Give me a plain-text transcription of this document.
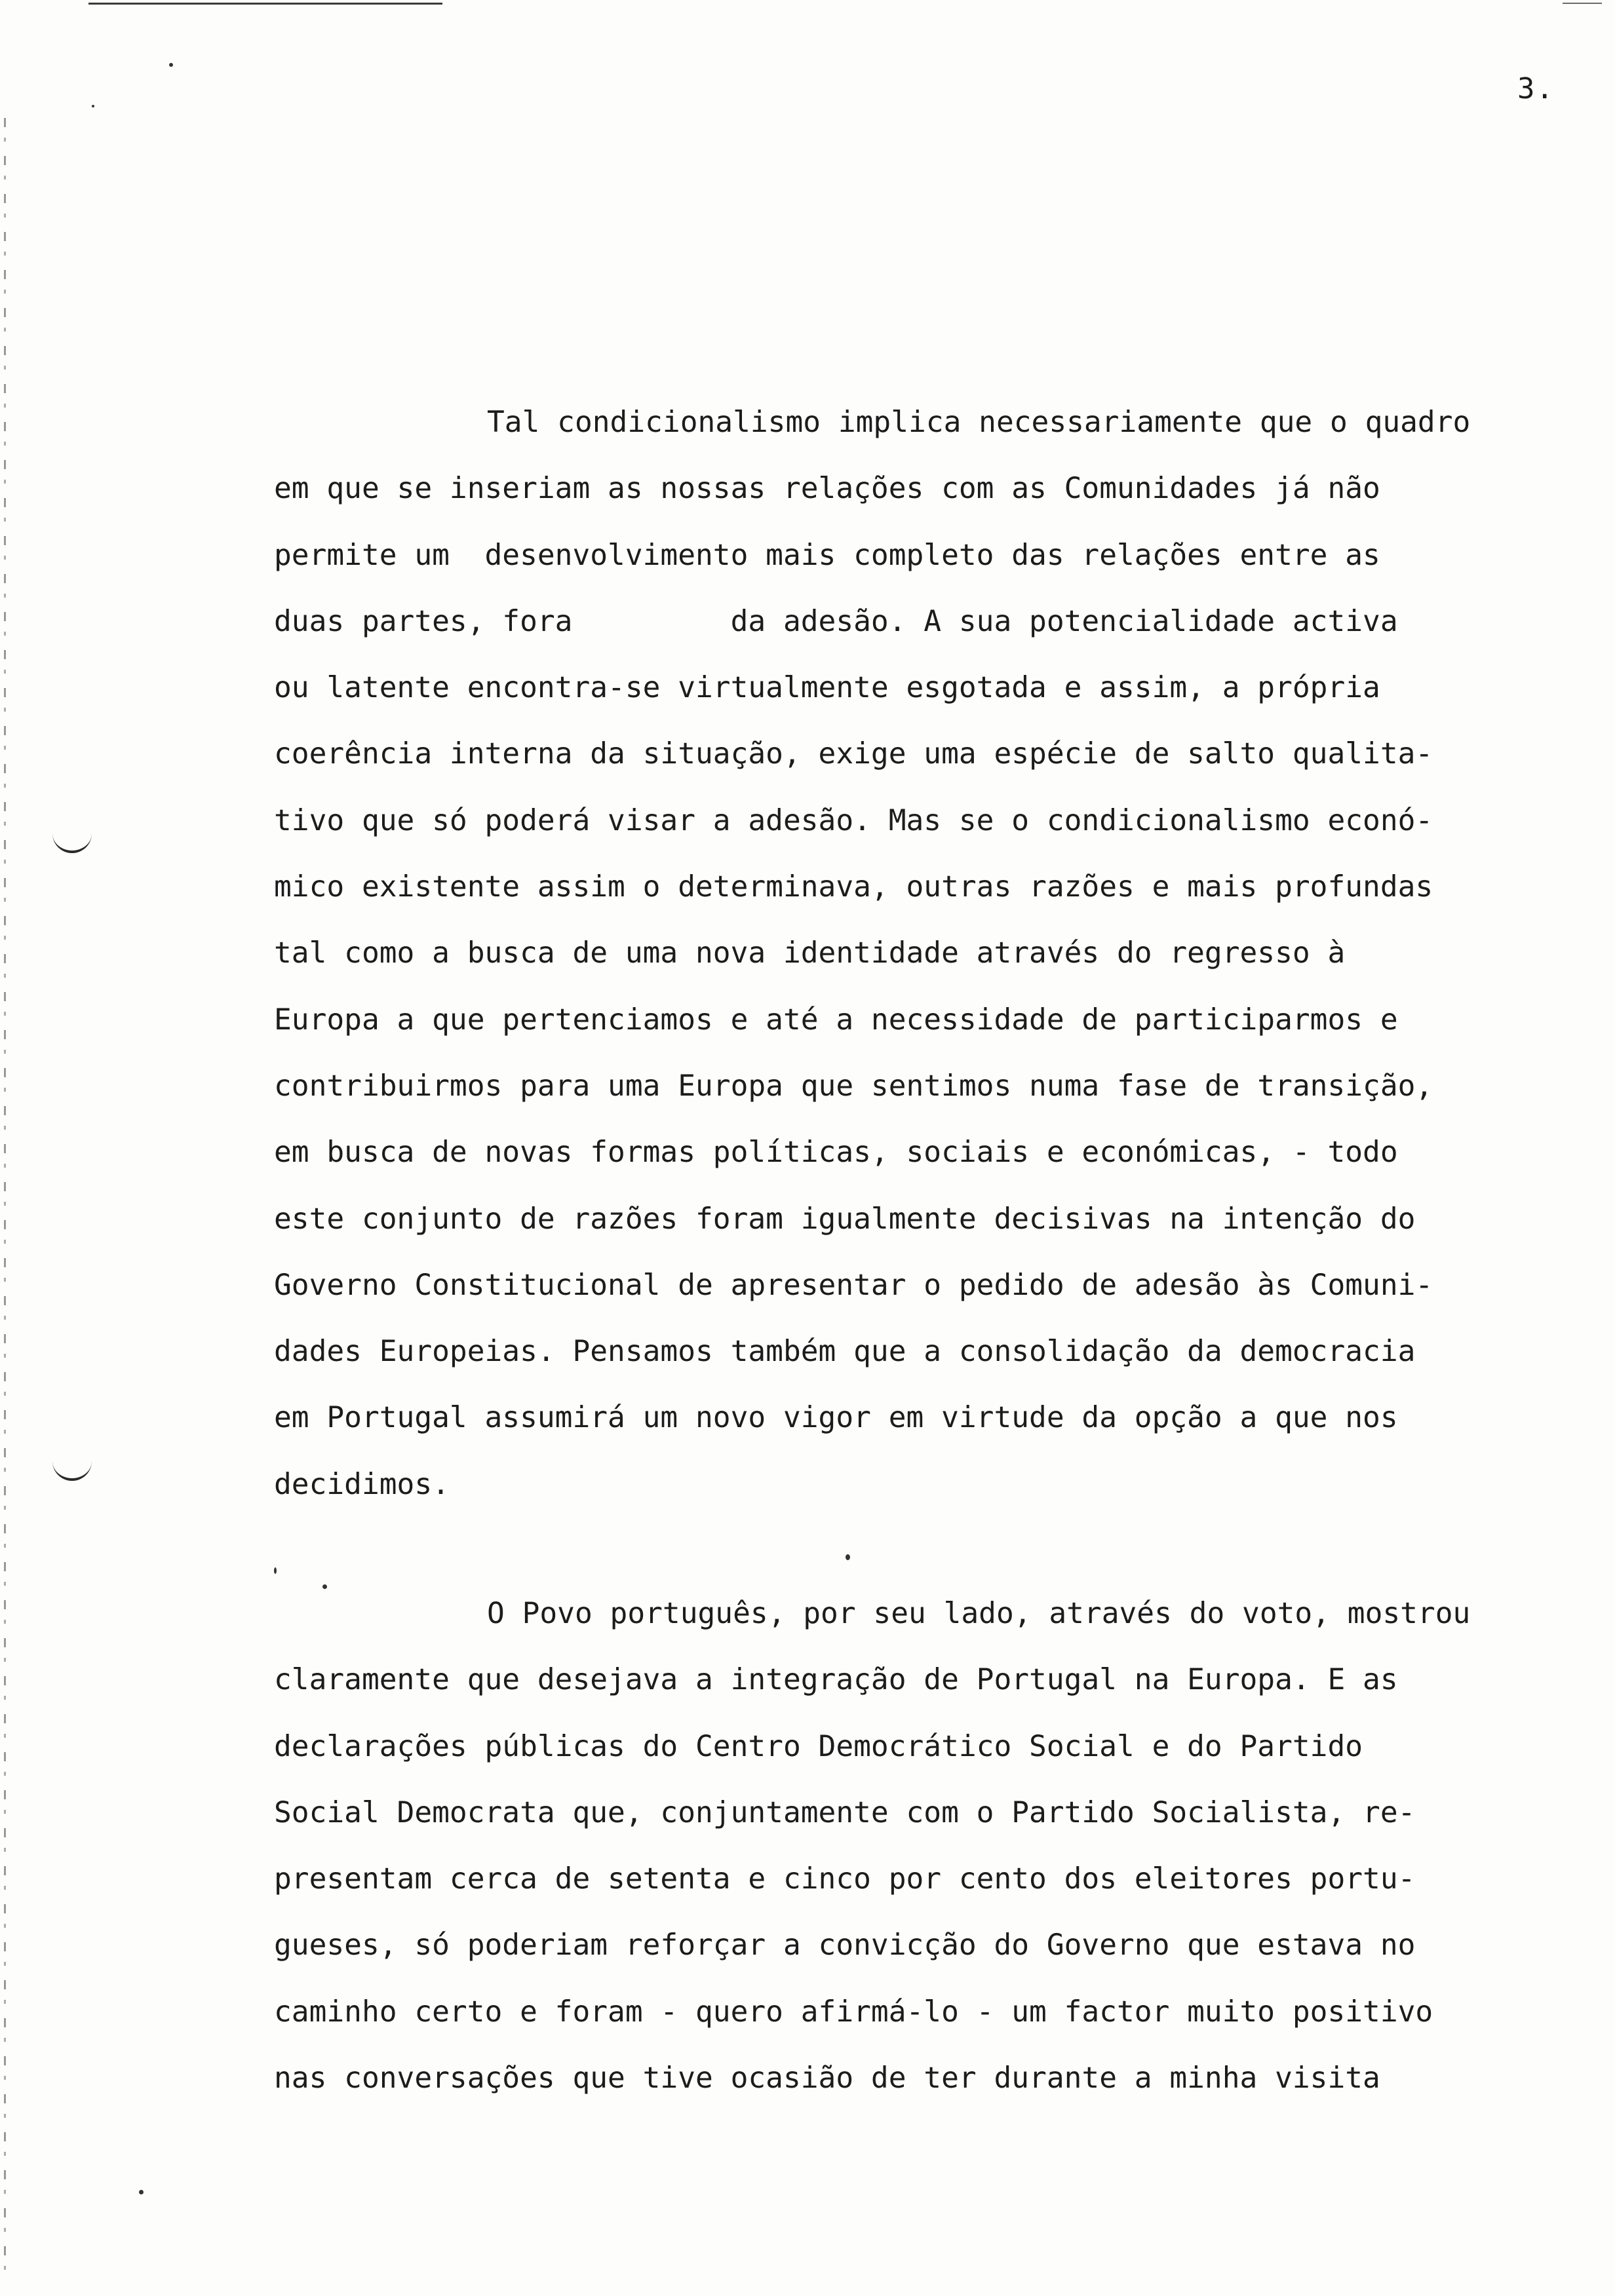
3.
Tal condicionalismo implica necessariamente que o quadro
em que se inseriam as nossas relações com as Comunidades já não
permite um  desenvolvimento mais completo das relações entre as
duas partes, fora         da adesão. A sua potencialidade activa
ou latente encontra-se virtualmente esgotada e assim, a própria
coerência interna da situação, exige uma espécie de salto qualita-
tivo que só poderá visar a adesão. Mas se o condicionalismo econó-
mico existente assim o determinava, outras razões e mais profundas
tal como a busca de uma nova identidade através do regresso à
Europa a que pertenciamos e até a necessidade de participarmos e
contribuirmos para uma Europa que sentimos numa fase de transição,
em busca de novas formas políticas, sociais e económicas, - todo
este conjunto de razões foram igualmente decisivas na intenção do
Governo Constitucional de apresentar o pedido de adesão às Comuni-
dades Europeias. Pensamos também que a consolidação da democracia
em Portugal assumirá um novo vigor em virtude da opção a que nos
decidimos.
O Povo português, por seu lado, através do voto, mostrou
claramente que desejava a integração de Portugal na Europa. E as
declarações públicas do Centro Democrático Social e do Partido
Social Democrata que, conjuntamente com o Partido Socialista, re-
presentam cerca de setenta e cinco por cento dos eleitores portu-
gueses, só poderiam reforçar a convicção do Governo que estava no
caminho certo e foram - quero afirmá-lo - um factor muito positivo
nas conversações que tive ocasião de ter durante a minha visita
